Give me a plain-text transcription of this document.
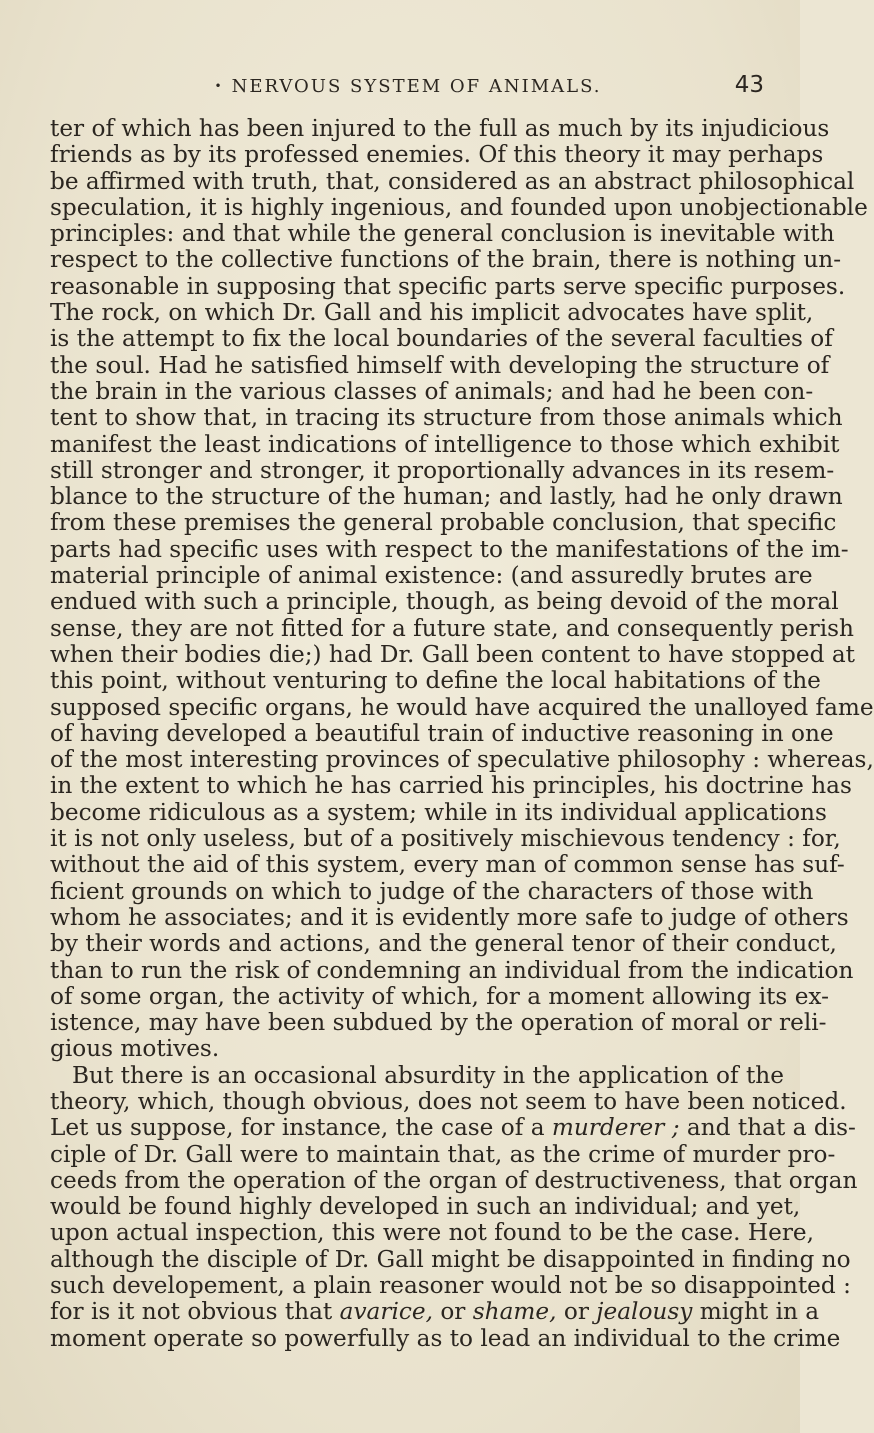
• NERVOUS SYSTEM OF ANIMALS.	43
ter of which has been injured to the full as much by its injudicious
friends as by its professed enemies. Of this theory it may perhaps
be affirmed with truth, that, considered as an abstract philosophical
speculation, it is highly ingenious, and founded upon unobjectionable
principles: and that while the general conclusion is inevitable with
respect to the collective functions of the brain, there is nothing un-
reasonable in supposing that specific parts serve specific purposes.
The rock, on which Dr. Gall and his implicit advocates have split,
is the attempt to fix the local boundaries of the several faculties of
the soul. Had he satisfied himself with developing the structure of
the brain in the various classes of animals; and had he been con-
tent to show that, in tracing its structure from those animals which
manifest the least indications of intelligence to those which exhibit
still stronger and stronger, it proportionally advances in its resem-
blance to the structure of the human; and lastly, had he only drawn
from these premises the general probable conclusion, that specific
parts had specific uses with respect to the manifestations of the im-
material principle of animal existence: (and assuredly brutes are
endued with such a principle, though, as being devoid of the moral
sense, they are not fitted for a future state, and consequently perish
when their bodies die;) had Dr. Gall been content to have stopped at
this point, without venturing to define the local habitations of the
supposed specific organs, he would have acquired the unalloyed fame
of having developed a beautiful train of inductive reasoning in one
of the most interesting provinces of speculative philosophy : whereas,
in the extent to which he has carried his principles, his doctrine has
become ridiculous as a system; while in its individual applications
it is not only useless, but of a positively mischievous tendency : for,
without the aid of this system, every man of common sense has suf-
ficient grounds on which to judge of the characters of those with
whom he associates; and it is evidently more safe to judge of others
by their words and actions, and the general tenor of their conduct,
than to run the risk of condemning an individual from the indication
of some organ, the activity of which, for a moment allowing its ex-
istence, may have been subdued by the operation of moral or reli-
gious motives.
But there is an occasional absurdity in the application of the
theory, which, though obvious, does not seem to have been noticed.
Let us suppose, for instance, the case of a murderer ; and that a dis-
ciple of Dr. Gall were to maintain that, as the crime of murder pro-
ceeds from the operation of the organ of destructiveness, that organ
would be found highly developed in such an individual; and yet,
upon actual inspection, this were not found to be the case. Here,
although the disciple of Dr. Gall might be disappointed in finding no
such developement, a plain reasoner would not be so disappointed :
for is it not obvious that avarice, or shame, or jealousy might in a
moment operate so powerfully as to lead an individual to the crime
